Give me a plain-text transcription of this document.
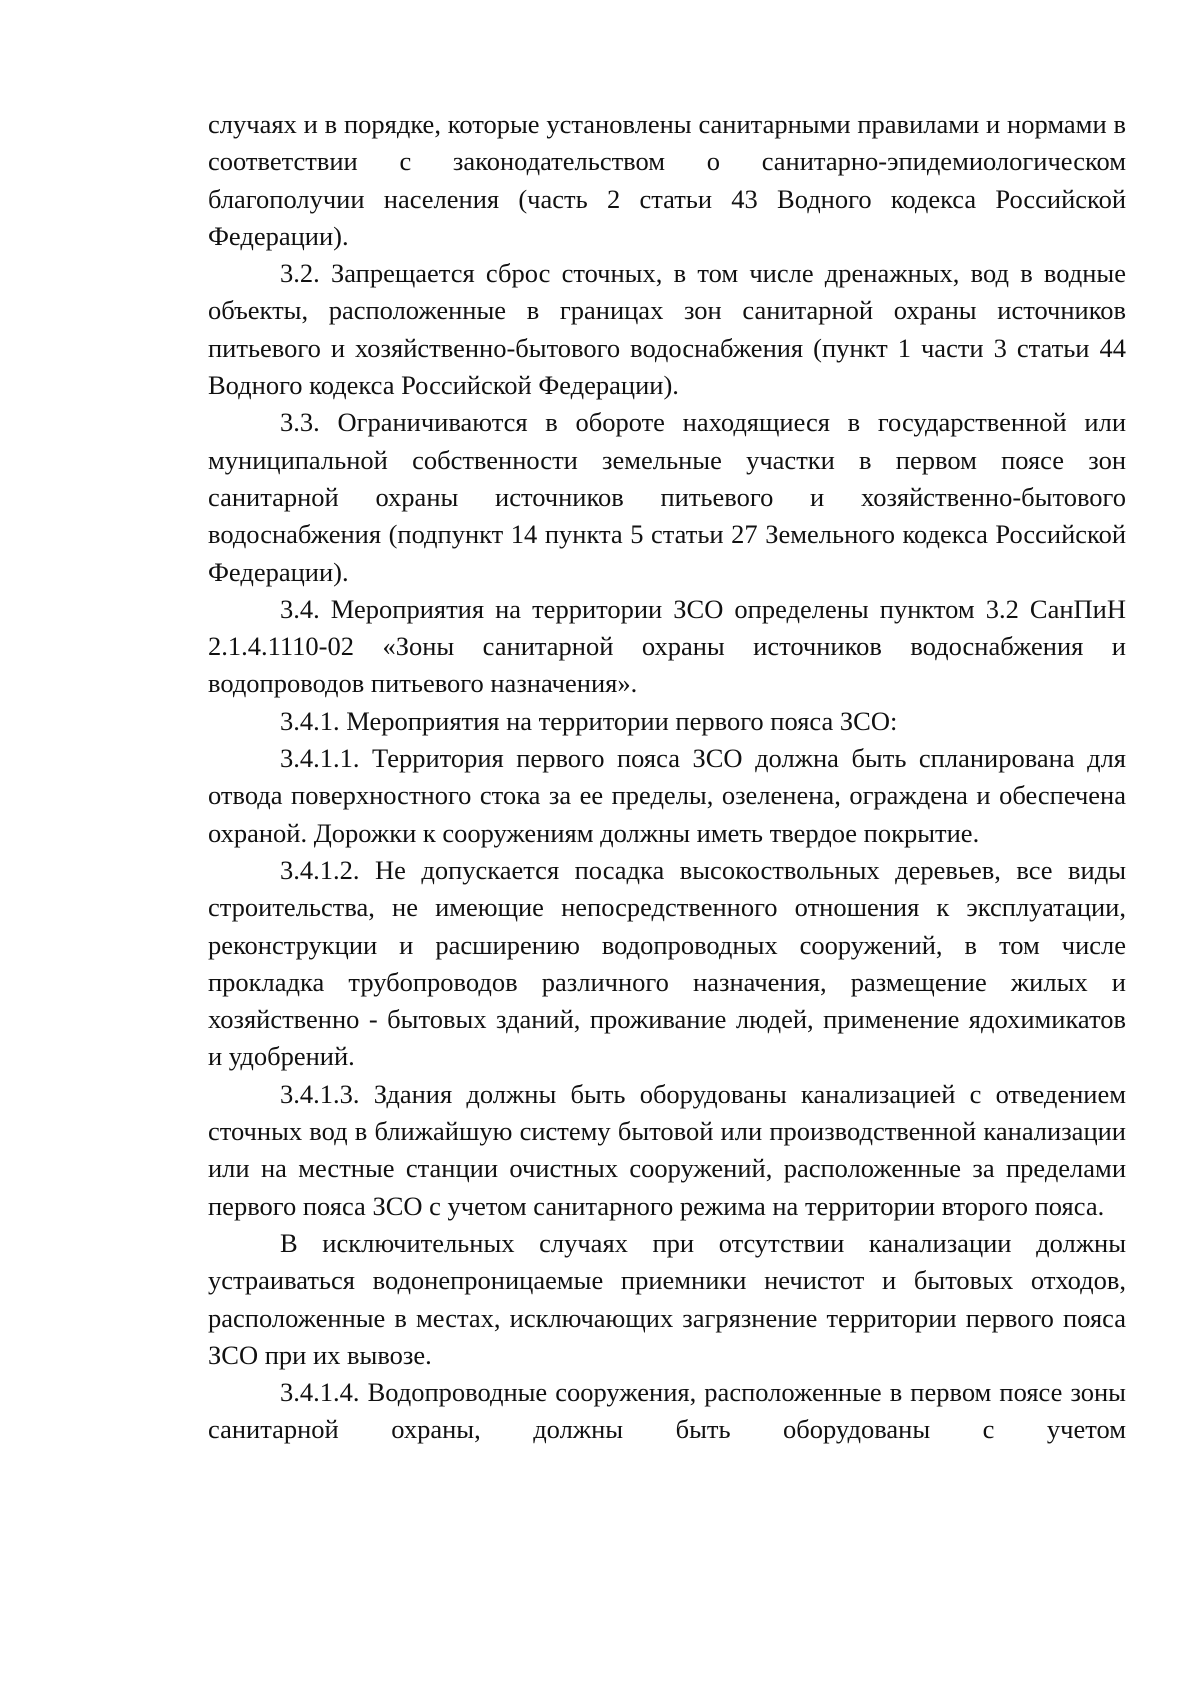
случаях и в порядке, которые установлены санитарными правилами и нормами в соответствии с законодательством о санитарно-эпидемиологическом благополучии населения (часть 2 статьи 43 Водного кодекса Российской Федерации).

3.2. Запрещается сброс сточных, в том числе дренажных, вод в водные объекты, расположенные в границах зон санитарной охраны источников питьевого и хозяйственно-бытового водоснабжения (пункт 1 части 3 статьи 44 Водного кодекса Российской Федерации).

3.3. Ограничиваются в обороте находящиеся в государственной или муниципальной собственности земельные участки в первом поясе зон санитарной охраны источников питьевого и хозяйственно-бытового водоснабжения (подпункт 14 пункта 5 статьи 27 Земельного кодекса Российской Федерации).

3.4. Мероприятия на территории ЗСО определены пунктом 3.2 СанПиН 2.1.4.1110-02 «Зоны санитарной охраны источников водоснабжения и водопроводов питьевого назначения».

3.4.1. Мероприятия на территории первого пояса ЗСО:

3.4.1.1. Территория первого пояса ЗСО должна быть спланирована для отвода поверхностного стока за ее пределы, озеленена, ограждена и обеспечена охраной. Дорожки к сооружениям должны иметь твердое покрытие.

3.4.1.2. Не допускается посадка высокоствольных деревьев, все виды строительства, не имеющие непосредственного отношения к эксплуатации, реконструкции и расширению водопроводных сооружений, в том числе прокладка трубопроводов различного назначения, размещение жилых и хозяйственно - бытовых зданий, проживание людей, применение ядохимикатов и удобрений.

3.4.1.3. Здания должны быть оборудованы канализацией с отведением сточных вод в ближайшую систему бытовой или производственной канализации или на местные станции очистных сооружений, расположенные за пределами первого пояса ЗСО с учетом санитарного режима на территории второго пояса.

В исключительных случаях при отсутствии канализации должны устраиваться водонепроницаемые приемники нечистот и бытовых отходов, расположенные в местах, исключающих загрязнение территории первого пояса ЗСО при их вывозе.

3.4.1.4. Водопроводные сооружения, расположенные в первом поясе зоны санитарной охраны, должны быть оборудованы с учетом
